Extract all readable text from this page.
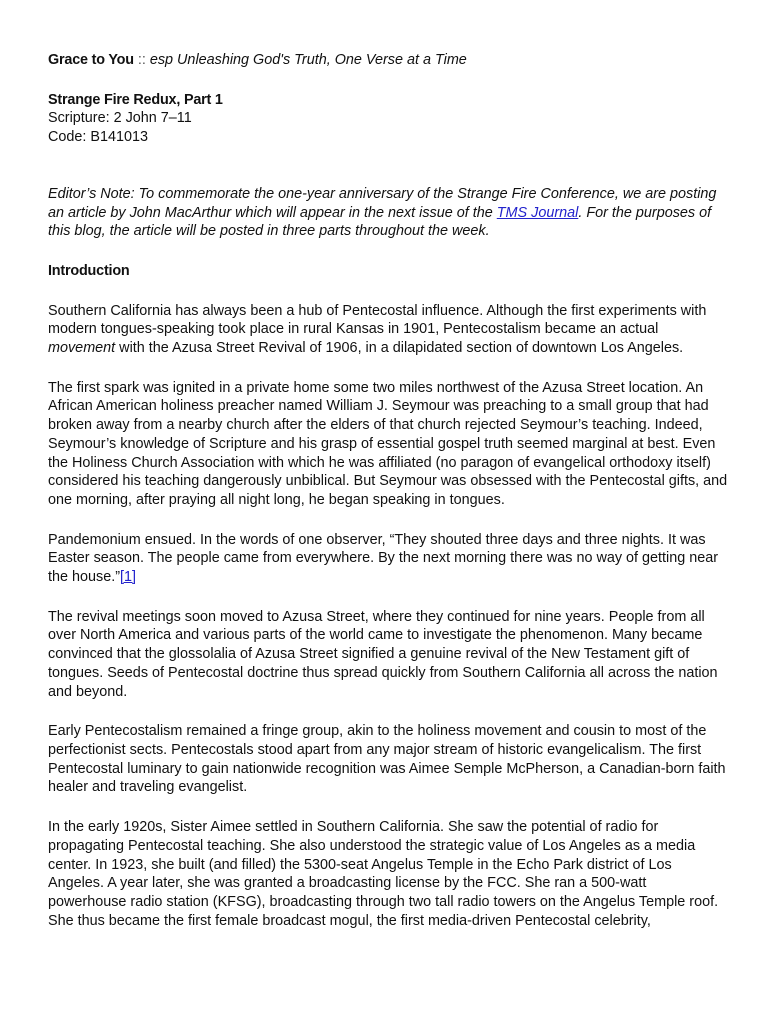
Grace to You :: esp Unleashing God's Truth, One Verse at a Time

Strange Fire Redux, Part 1

Scripture: 2 John 7–11

Code: B141013

Editor’s Note: To commemorate the one-year anniversary of the Strange Fire Conference, we are posting an article by John MacArthur which will appear in the next issue of the TMS Journal. For the purposes of this blog, the article will be posted in three parts throughout the week.

Introduction

Southern California has always been a hub of Pentecostal influence. Although the first experiments with modern tongues-speaking took place in rural Kansas in 1901, Pentecostalism became an actual movement with the Azusa Street Revival of 1906, in a dilapidated section of downtown Los Angeles.

The first spark was ignited in a private home some two miles northwest of the Azusa Street location. An African American holiness preacher named William J. Seymour was preaching to a small group that had broken away from a nearby church after the elders of that church rejected Seymour’s teaching. Indeed, Seymour’s knowledge of Scripture and his grasp of essential gospel truth seemed marginal at best. Even the Holiness Church Association with which he was affiliated (no paragon of evangelical orthodoxy itself) considered his teaching dangerously unbiblical. But Seymour was obsessed with the Pentecostal gifts, and one morning, after praying all night long, he began speaking in tongues.

Pandemonium ensued. In the words of one observer, “They shouted three days and three nights. It was Easter season. The people came from everywhere. By the next morning there was no way of getting near the house.”[1]

The revival meetings soon moved to Azusa Street, where they continued for nine years. People from all over North America and various parts of the world came to investigate the phenomenon. Many became convinced that the glossolalia of Azusa Street signified a genuine revival of the New Testament gift of tongues. Seeds of Pentecostal doctrine thus spread quickly from Southern California all across the nation and beyond.

Early Pentecostalism remained a fringe group, akin to the holiness movement and cousin to most of the perfectionist sects. Pentecostals stood apart from any major stream of historic evangelicalism. The first Pentecostal luminary to gain nationwide recognition was Aimee Semple McPherson, a Canadian-born faith healer and traveling evangelist.

In the early 1920s, Sister Aimee settled in Southern California. She saw the potential of radio for propagating Pentecostal teaching. She also understood the strategic value of Los Angeles as a media center. In 1923, she built (and filled) the 5300-seat Angelus Temple in the Echo Park district of Los Angeles. A year later, she was granted a broadcasting license by the FCC. She ran a 500-watt powerhouse radio station (KFSG), broadcasting through two tall radio towers on the Angelus Temple roof. She thus became the first female broadcast mogul, the first media-driven Pentecostal celebrity,
